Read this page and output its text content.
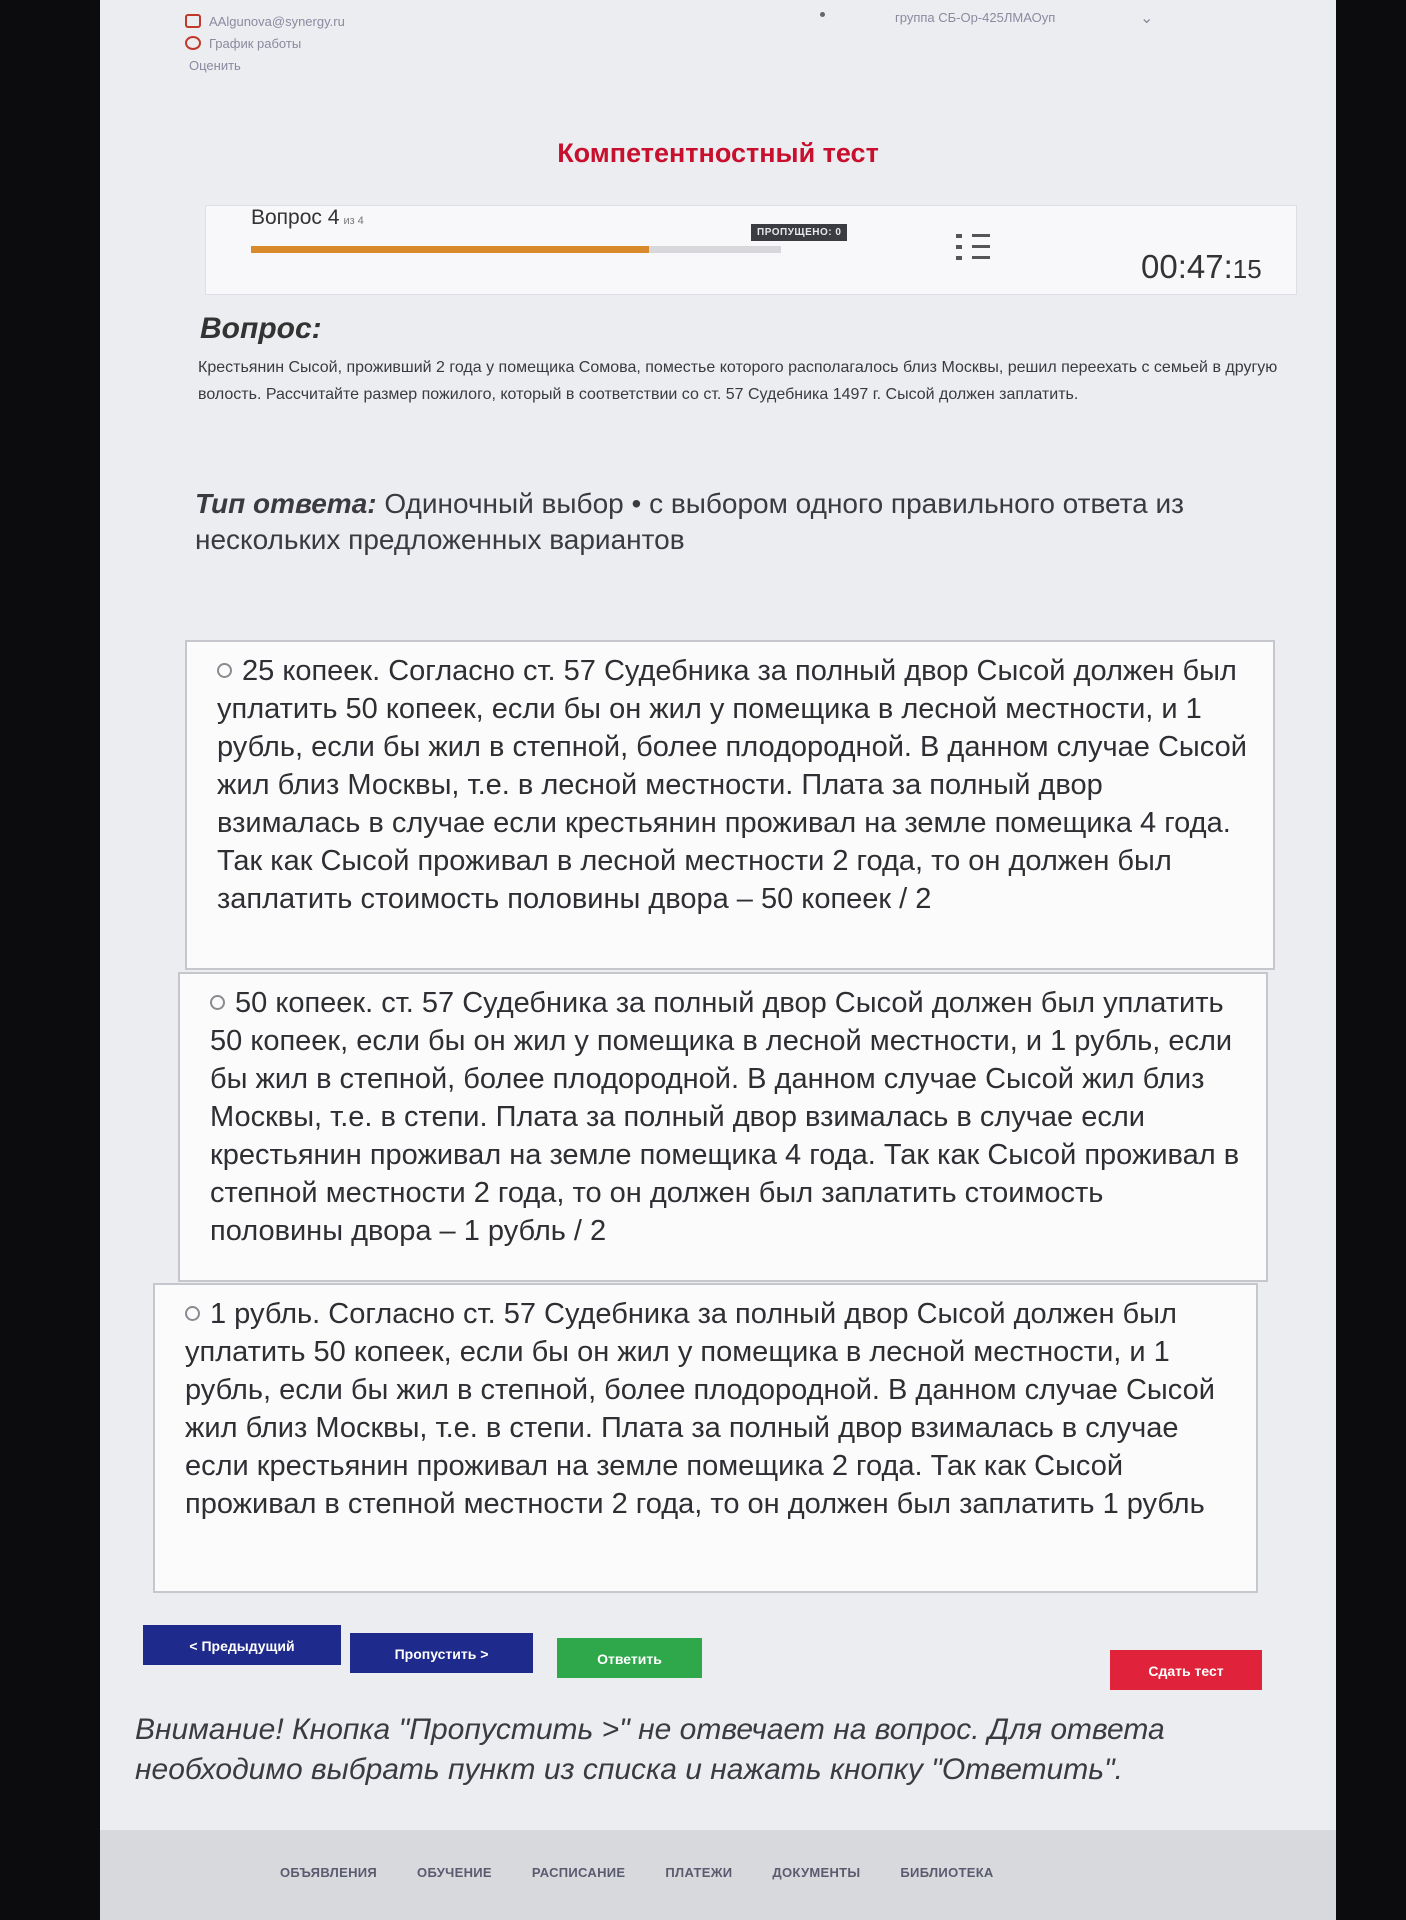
AAlgunova@synergy.ru
График работы
Оценить
группа СБ-Ор-425ЛМАОуп	⌄
Компетентностный тест
Вопрос 4 из 4
ПРОПУЩЕНО: 0
00:47:15
Вопрос:
Крестьянин Сысой, проживший 2 года у помещика Сомова, поместье которого располагалось близ Москвы, решил переехать с семьей в другую волость. Рассчитайте размер пожилого, который в соответствии со ст. 57 Судебника 1497 г. Сысой должен заплатить.
Тип ответа: Одиночный выбор • с выбором одного правильного ответа из нескольких предложенных вариантов
25 копеек. Согласно ст. 57 Судебника за полный двор Сысой должен был уплатить 50 копеек, если бы он жил у помещика в лесной местности, и 1 рубль, если бы жил в степной, более плодородной. В данном случае Сысой жил близ Москвы, т.е. в лесной местности. Плата за полный двор взималась в случае если крестьянин проживал на земле помещика 4 года. Так как Сысой проживал в лесной местности 2 года, то он должен был заплатить стоимость половины двора – 50 копеек / 2
50 копеек. ст. 57 Судебника за полный двор Сысой должен был уплатить 50 копеек, если бы он жил у помещика в лесной местности, и 1 рубль, если бы жил в степной, более плодородной. В данном случае Сысой жил близ Москвы, т.е. в степи. Плата за полный двор взималась в случае если крестьянин проживал на земле помещика 4 года. Так как Сысой проживал в степной местности 2 года, то он должен был заплатить стоимость половины двора – 1 рубль / 2
1 рубль. Согласно ст. 57 Судебника за полный двор Сысой должен был уплатить 50 копеек, если бы он жил у помещика в лесной местности, и 1 рубль, если бы жил в степной, более плодородной. В данном случае Сысой жил близ Москвы, т.е. в степи. Плата за полный двор взималась в случае если крестьянин проживал на земле помещика 2 года. Так как Сысой проживал в степной местности 2 года, то он должен был заплатить 1 рубль
< Предыдущий	Пропустить >	Ответить
Сдать тест
Внимание! Кнопка "Пропустить >" не отвечает на вопрос. Для ответа необходимо выбрать пункт из списка и нажать кнопку "Ответить".
ОБЪЯВЛЕНИЯ	ОБУЧЕНИЕ	РАСПИСАНИЕ	ПЛАТЕЖИ	ДОКУМЕНТЫ	БИБЛИОТЕКА
